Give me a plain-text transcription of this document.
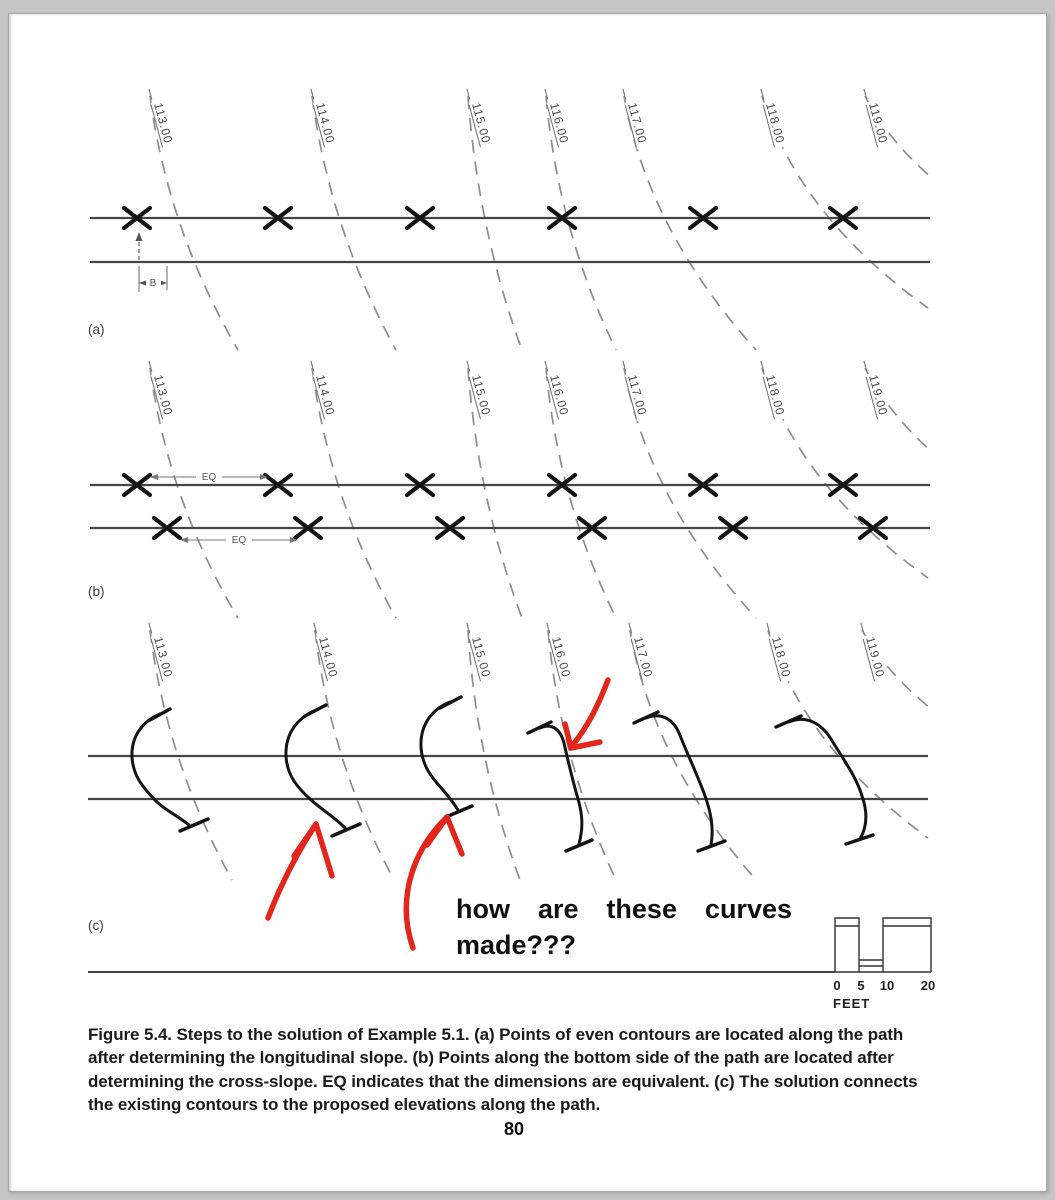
113.00	114.00	115.00	116.00	117.00	118.00	119.00
B
(a)
113.00	114.00	115.00	116.00	117.00	118.00	119.00
EQ
EQ
(b)
113.00	114.00	115.00	116.00	117.00	118.00	119.00
(c)
0 5 10 20
FEET
how are these curves
made???
Figure 5.4. Steps to the solution of Example 5.1. (a) Points of even contours are located along the path after determining the longitudinal slope. (b) Points along the bottom side of the path are located after determining the cross-slope. EQ indicates that the dimensions are equivalent. (c) The solution connects the existing contours to the proposed elevations along the path.
80
